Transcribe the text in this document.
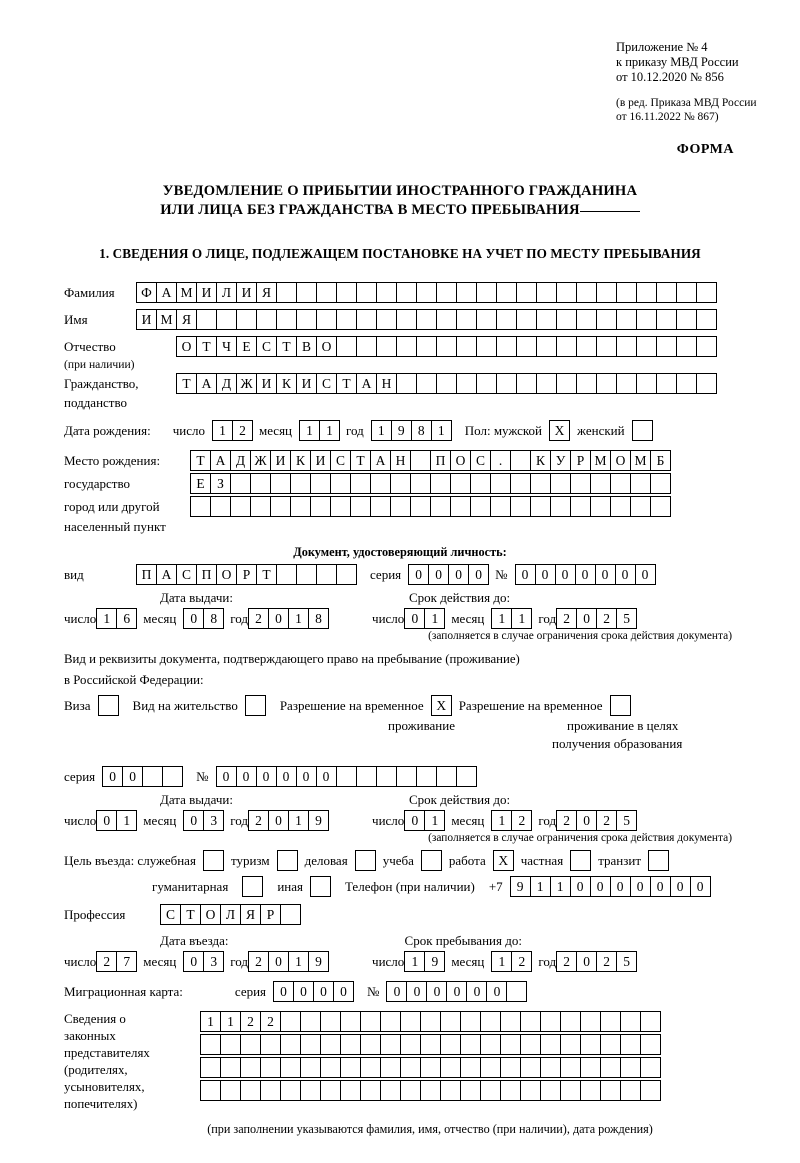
Приложение № 4
к приказу МВД России
от 10.12.2020 № 856
(в ред. Приказа МВД России
от 16.11.2022 № 867)
ФОРМА
УВЕДОМЛЕНИЕ О ПРИБЫТИИ ИНОСТРАННОГО ГРАЖДАНИНА
ИЛИ ЛИЦА БЕЗ ГРАЖДАНСТВА В МЕСТО ПРЕБЫВАНИЯ
1. СВЕДЕНИЯ О ЛИЦЕ, ПОДЛЕЖАЩЕМ ПОСТАНОВКЕ НА УЧЕТ ПО МЕСТУ ПРЕБЫВАНИЯ
Фамилия	Ф А М И Л И Я
Имя	И М Я
Отчество	О Т Ч Е С Т В О
(при наличии)
Гражданство,	Т А Д Ж И К И С Т А Н
подданство
Дата рождения: число	1 2	месяц	1 1	год	1 9 8 1	Пол: мужской Х женский
Место рождения:	Т А Д Ж И К И С Т А Н	П О С	.	К У Р М О М Б
государство	Е З
город или другой
населенный пункт
Документ, удостоверяющий личность:
вид	П А С П О Р Т	серия	0 0 0 0	№	0 0 0 0 0 0 0
Дата выдачи:	Срок действия до:
число 1 6	месяц	0 8	год 2 0 1 8	число 0 1	месяц	1 1	год 2 0 2 5
(заполняется в случае ограничения срока действия документа)
Вид и реквизиты документа, подтверждающего право на пребывание (проживание)
в Российской Федерации:
Виза	Вид на жительство	Разрешение на временное Х Разрешение на временное
проживание	проживание в целях
получения образования
серия	0 0	№	0 0 0 0 0 0
Дата выдачи:	Срок действия до:
число 0 1	месяц	0 3	год 2 0 1 9	число 0 1	месяц	1 2	год 2 0 2 5
(заполняется в случае ограничения срока действия документа)
Цель въезда: служебная	туризм	деловая	учеба	работа Х частная	транзит
гуманитарная	иная	Телефон (при наличии) +7	9 1 1 0 0 0 0 0 0 0
Профессия	С Т О Л Я Р
Дата въезда:	Срок пребывания до:
число 2 7	месяц	0 3	год 2 0 1 9	число 1 9	месяц	1 2	год 2 0 2 5
Миграционная карта:	серия	0 0 0 0	№	0 0 0 0 0 0
Сведения о
законных
представителях
(родителях,
усыновителях,
попечителях)
1 1 2 2
(при заполнении указываются фамилия, имя, отчество (при наличии), дата рождения)
